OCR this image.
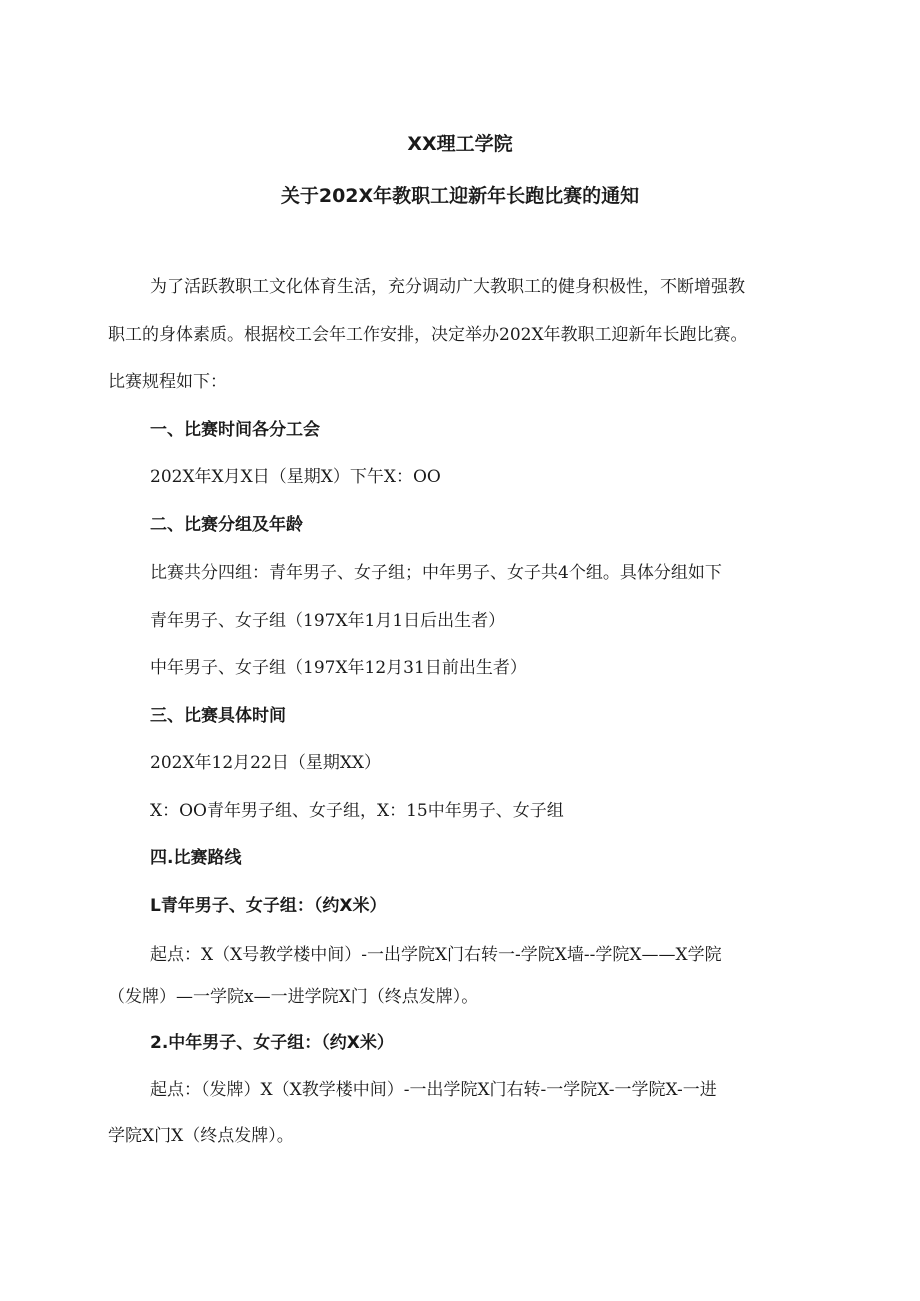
XX理工学院
关于202X年教职工迎新年长跑比赛的通知
为了活跃教职工文化体育生活，充分调动广大教职工的健身积极性，不断增强教
职工的身体素质。根据校工会年工作安排，决定举办202X年教职工迎新年长跑比赛。
比赛规程如下：
一、比赛时间各分工会
202X年X月X日（星期X）下午X：OO
二、比赛分组及年龄
比赛共分四组：青年男子、女子组；中年男子、女子共4个组。具体分组如下
青年男子、女子组（197X年1月1日后出生者）
中年男子、女子组（197X年12月31日前出生者）
三、比赛具体时间
202X年12月22日（星期XX）
X：OO青年男子组、女子组，X：15中年男子、女子组
四.比赛路线
L青年男子、女子组：（约X米）
起点：X（X号教学楼中间）-一出学院X门右转一-学院X墙--学院X——X学院
（发牌）—一学院x—一进学院X门（终点发牌）。
2.中年男子、女子组：（约X米）
起点：（发牌）X（X教学楼中间）-一出学院X门右转-一学院X-一学院X-一进
学院X门X（终点发牌）。
